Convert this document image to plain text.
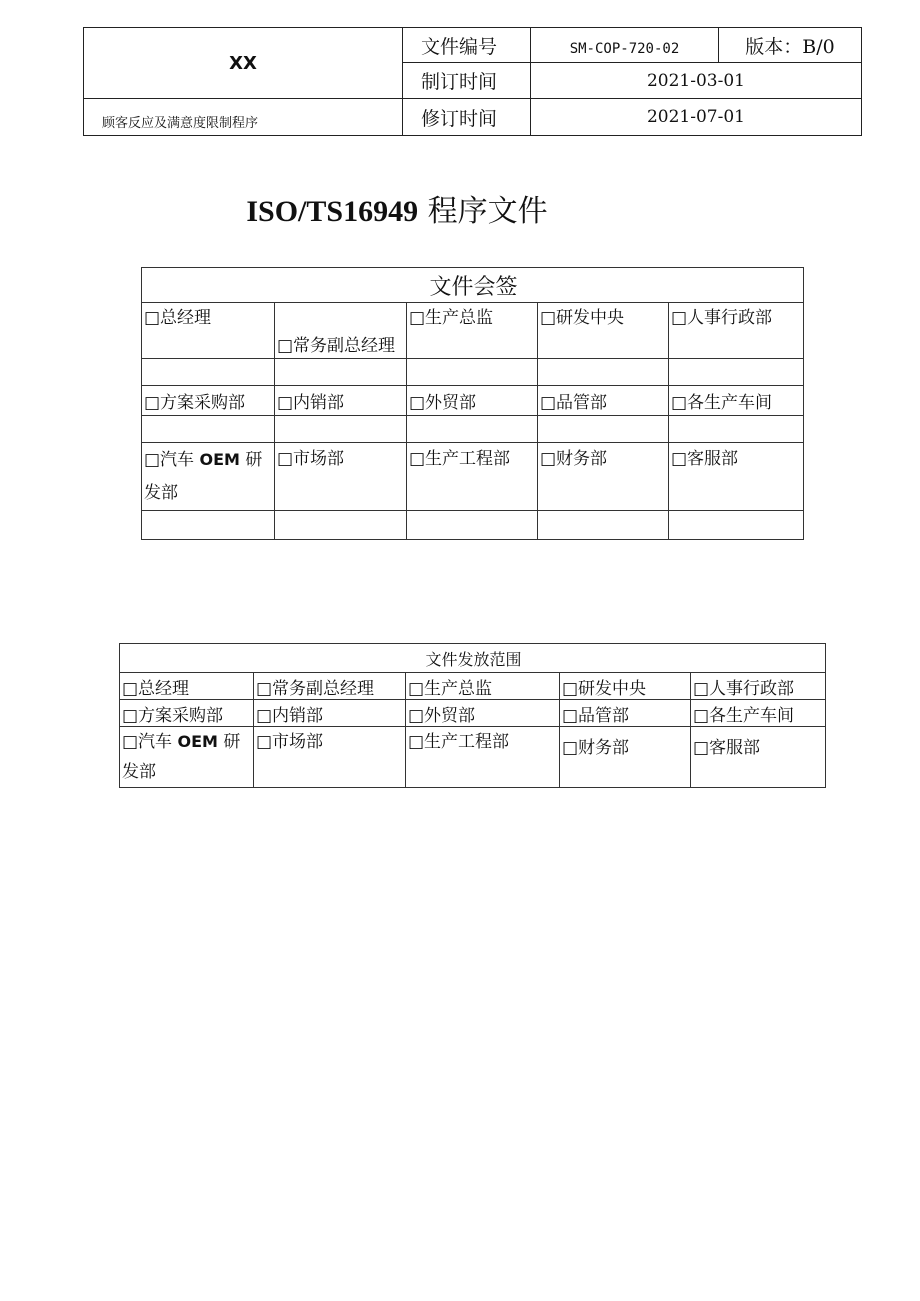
XX	文件编号	SM-COP-720-02	版本：B/0
	制订时间	2021-03-01	
顾客反应及满意度限制程序	修订时间	2021-07-01	
ISO/TS16949 程序文件
文件会签				
□总经理	□常务副总经理	□生产总监	□研发中央	□人事行政部

□方案采购部	□内销部	□外贸部	□品管部	□各生产车间

□汽车 OEM 研发部	□市场部	□生产工程部	□财务部	□客服部

文件发放范围				
□总经理	□常务副总经理	□生产总监	□研发中央	□人事行政部
□方案采购部	□内销部	□外贸部	□品管部	□各生产车间
□汽车 OEM 研发部	□市场部	□生产工程部	□财务部	□客服部
